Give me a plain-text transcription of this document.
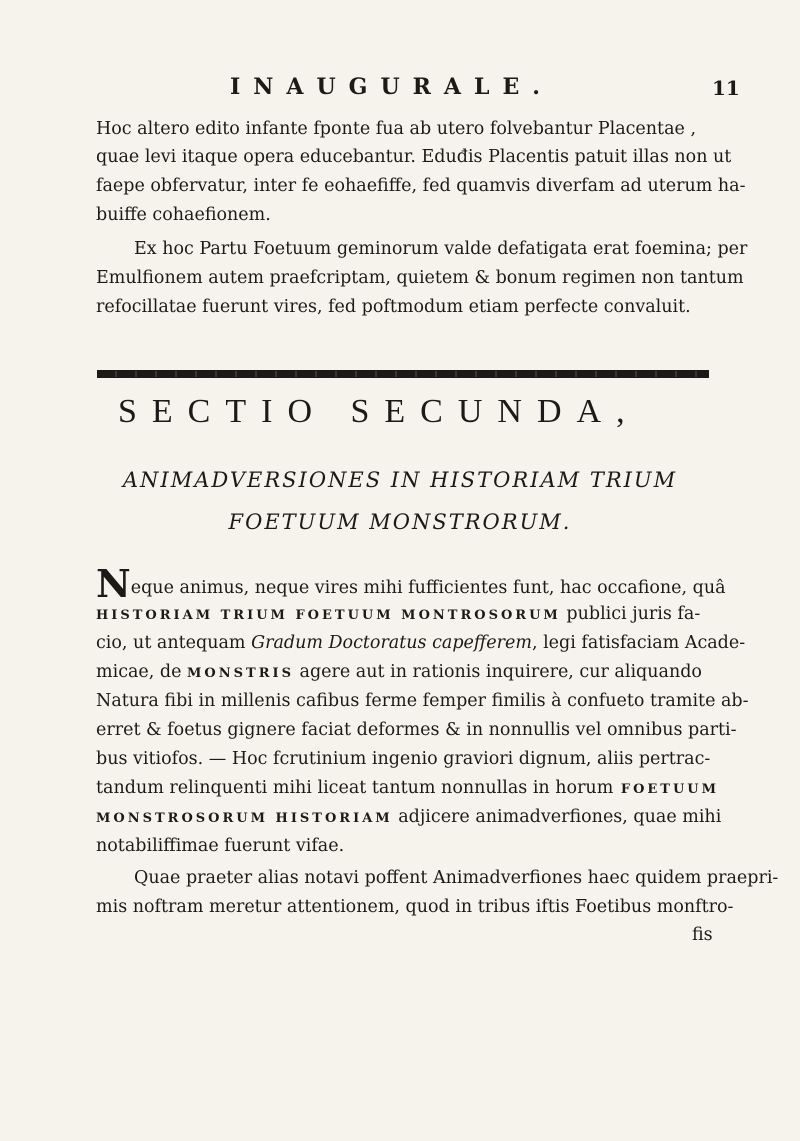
INAUGURALE.	11
Hoc altero edito infante fponte fua ab utero folvebantur Placentae ,
quae levi itaque opera educebantur. Eduđis Placentis patuit illas non ut
faepe obfervatur, inter fe eohaefiffe, fed quamvis diverfam ad uterum ha-
buiffe cohaefionem.
Ex hoc Partu Foetuum geminorum valde defatigata erat foemina; per
Emulfionem autem praefcriptam, quietem & bonum regimen non tantum
refocillatae fuerunt vires, fed poftmodum etiam perfecte convaluit.
SECTIO SECUNDA,
ANIMADVERSIONES IN HISTORIAM TRIUM
FOETUUM MONSTRORUM.
Neque animus, neque vires mihi fufficientes funt, hac occafione, quâ
HISTORIAM TRIUM FOETUUM MONTROSORUM publici juris fa-
cio, ut antequam Gradum Doctoratus capefferem, legi fatisfaciam Acade-
micae, de MONSTRIS agere aut in rationis inquirere, cur aliquando
Natura fibi in millenis cafibus ferme femper fimilis à confueto tramite ab-
erret & foetus gignere faciat deformes & in nonnullis vel omnibus parti-
bus vitiofos. — Hoc fcrutinium ingenio graviori dignum, aliis pertrac-
tandum relinquenti mihi liceat tantum nonnullas in horum FOETUUM
MONSTROSORUM HISTORIAM adjicere animadverfiones, quae mihi
notabiliffimae fuerunt vifae.
Quae praeter alias notavi poffent Animadverfiones haec quidem praepri-
mis noftram meretur attentionem, quod in tribus iftis Foetibus monftro-
fis
